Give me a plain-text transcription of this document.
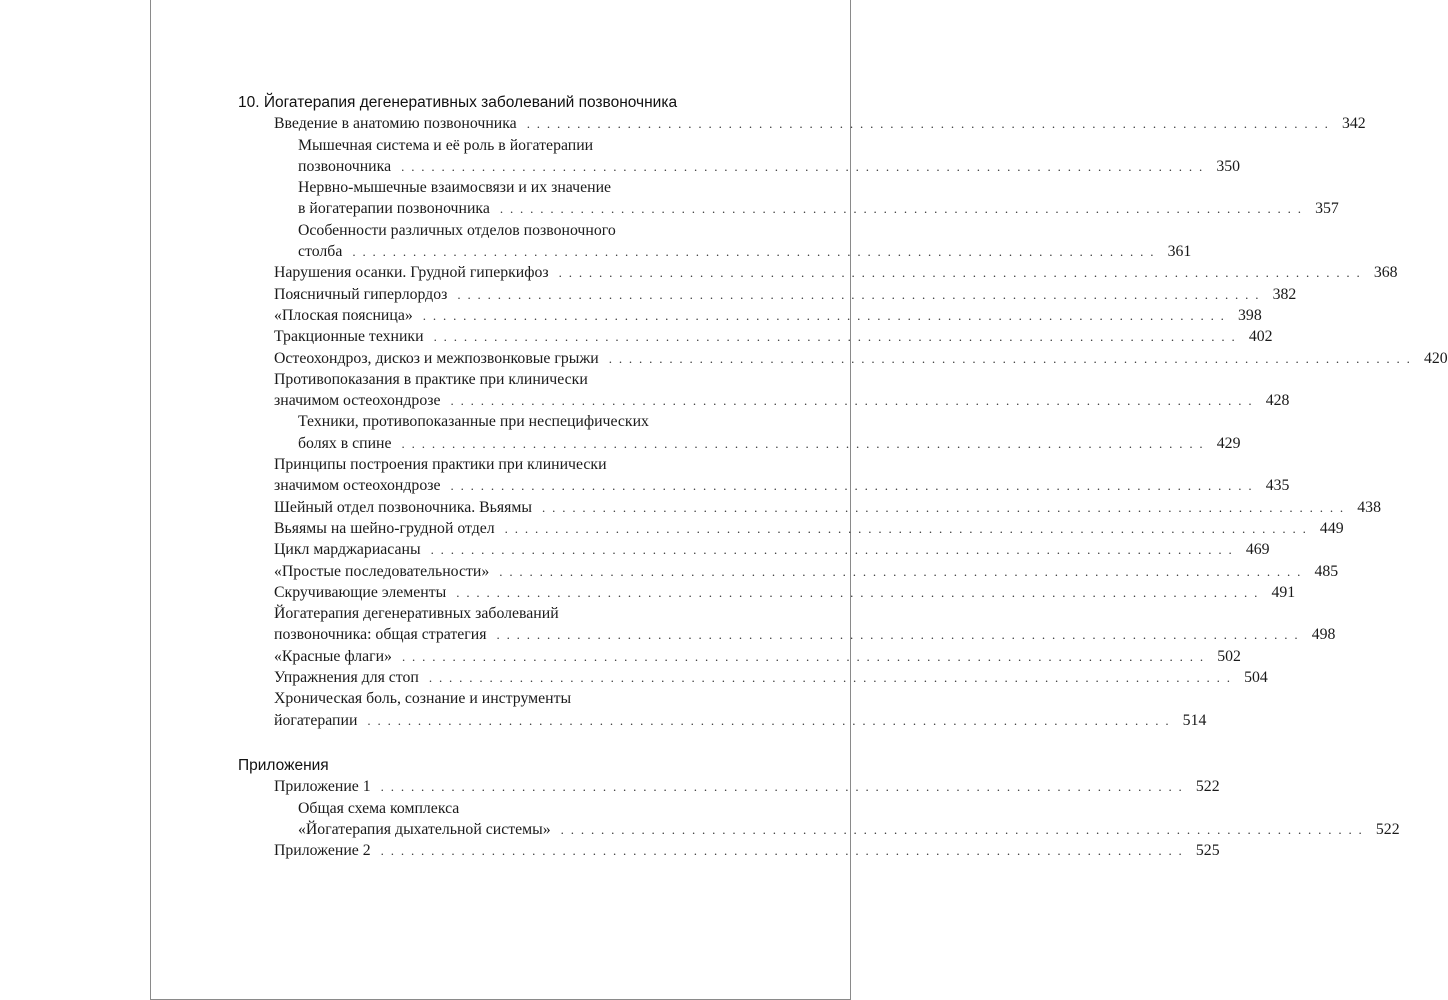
10. Йогатерапия дегенеративных заболеваний позвоночника
Введение в анатомию позвоночника . . . . . . . . . . . . . . . . . . . . . . . . . . . . . . . . . . . . . . . . . . . . . . . . . . . . . . . . . . . . . . . . . . . . . . . . . . . . . . . . 342
Мышечная система и её роль в йогатерапии
позвоночника . . . . . . . . . . . . . . . . . . . . . . . . . . . . . . . . . . . . . . . . . . . . . . . . . . . . . . . . . . . . . . . . . . . . . . . . . . . . . . . . 350
Нервно-мышечные взаимосвязи и их значение
в йогатерапии позвоночника . . . . . . . . . . . . . . . . . . . . . . . . . . . . . . . . . . . . . . . . . . . . . . . . . . . . . . . . . . . . . . . . . . . . . . . . . . . . . . . . 357
Особенности различных отделов позвоночного
столба . . . . . . . . . . . . . . . . . . . . . . . . . . . . . . . . . . . . . . . . . . . . . . . . . . . . . . . . . . . . . . . . . . . . . . . . . . . . . . . . 361
Нарушения осанки. Грудной гиперкифоз . . . . . . . . . . . . . . . . . . . . . . . . . . . . . . . . . . . . . . . . . . . . . . . . . . . . . . . . . . . . . . . . . . . . . . . . . . . . . . . . 368
Поясничный гиперлордоз . . . . . . . . . . . . . . . . . . . . . . . . . . . . . . . . . . . . . . . . . . . . . . . . . . . . . . . . . . . . . . . . . . . . . . . . . . . . . . . . 382
«Плоская поясница» . . . . . . . . . . . . . . . . . . . . . . . . . . . . . . . . . . . . . . . . . . . . . . . . . . . . . . . . . . . . . . . . . . . . . . . . . . . . . . . . 398
Тракционные техники . . . . . . . . . . . . . . . . . . . . . . . . . . . . . . . . . . . . . . . . . . . . . . . . . . . . . . . . . . . . . . . . . . . . . . . . . . . . . . . . 402
Остеохондроз, дискоз и межпозвонковые грыжи . . . . . . . . . . . . . . . . . . . . . . . . . . . . . . . . . . . . . . . . . . . . . . . . . . . . . . . . . . . . . . . . . . . . . . . . . . . . . . . . 420
Противопоказания в практике при клинически
значимом остеохондрозе . . . . . . . . . . . . . . . . . . . . . . . . . . . . . . . . . . . . . . . . . . . . . . . . . . . . . . . . . . . . . . . . . . . . . . . . . . . . . . . . 428
Техники, противопоказанные при неспецифических
болях в спине . . . . . . . . . . . . . . . . . . . . . . . . . . . . . . . . . . . . . . . . . . . . . . . . . . . . . . . . . . . . . . . . . . . . . . . . . . . . . . . . 429
Принципы построения практики при клинически
значимом остеохондрозе . . . . . . . . . . . . . . . . . . . . . . . . . . . . . . . . . . . . . . . . . . . . . . . . . . . . . . . . . . . . . . . . . . . . . . . . . . . . . . . . 435
Шейный отдел позвоночника. Вьяямы . . . . . . . . . . . . . . . . . . . . . . . . . . . . . . . . . . . . . . . . . . . . . . . . . . . . . . . . . . . . . . . . . . . . . . . . . . . . . . . . 438
Вьяямы на шейно-грудной отдел . . . . . . . . . . . . . . . . . . . . . . . . . . . . . . . . . . . . . . . . . . . . . . . . . . . . . . . . . . . . . . . . . . . . . . . . . . . . . . . . 449
Цикл марджариасаны . . . . . . . . . . . . . . . . . . . . . . . . . . . . . . . . . . . . . . . . . . . . . . . . . . . . . . . . . . . . . . . . . . . . . . . . . . . . . . . . 469
«Простые последовательности» . . . . . . . . . . . . . . . . . . . . . . . . . . . . . . . . . . . . . . . . . . . . . . . . . . . . . . . . . . . . . . . . . . . . . . . . . . . . . . . . 485
Скручивающие элементы . . . . . . . . . . . . . . . . . . . . . . . . . . . . . . . . . . . . . . . . . . . . . . . . . . . . . . . . . . . . . . . . . . . . . . . . . . . . . . . . 491
Йогатерапия дегенеративных заболеваний
позвоночника: общая стратегия . . . . . . . . . . . . . . . . . . . . . . . . . . . . . . . . . . . . . . . . . . . . . . . . . . . . . . . . . . . . . . . . . . . . . . . . . . . . . . . . 498
«Красные флаги» . . . . . . . . . . . . . . . . . . . . . . . . . . . . . . . . . . . . . . . . . . . . . . . . . . . . . . . . . . . . . . . . . . . . . . . . . . . . . . . . 502
Упражнения для стоп . . . . . . . . . . . . . . . . . . . . . . . . . . . . . . . . . . . . . . . . . . . . . . . . . . . . . . . . . . . . . . . . . . . . . . . . . . . . . . . . 504
Хроническая боль, сознание и инструменты
йогатерапии . . . . . . . . . . . . . . . . . . . . . . . . . . . . . . . . . . . . . . . . . . . . . . . . . . . . . . . . . . . . . . . . . . . . . . . . . . . . . . . . 514
Приложения
Приложение 1 . . . . . . . . . . . . . . . . . . . . . . . . . . . . . . . . . . . . . . . . . . . . . . . . . . . . . . . . . . . . . . . . . . . . . . . . . . . . . . . . 522
Общая схема комплекса
«Йогатерапия дыхательной системы» . . . . . . . . . . . . . . . . . . . . . . . . . . . . . . . . . . . . . . . . . . . . . . . . . . . . . . . . . . . . . . . . . . . . . . . . . . . . . . . . 522
Приложение 2 . . . . . . . . . . . . . . . . . . . . . . . . . . . . . . . . . . . . . . . . . . . . . . . . . . . . . . . . . . . . . . . . . . . . . . . . . . . . . . . . 525
